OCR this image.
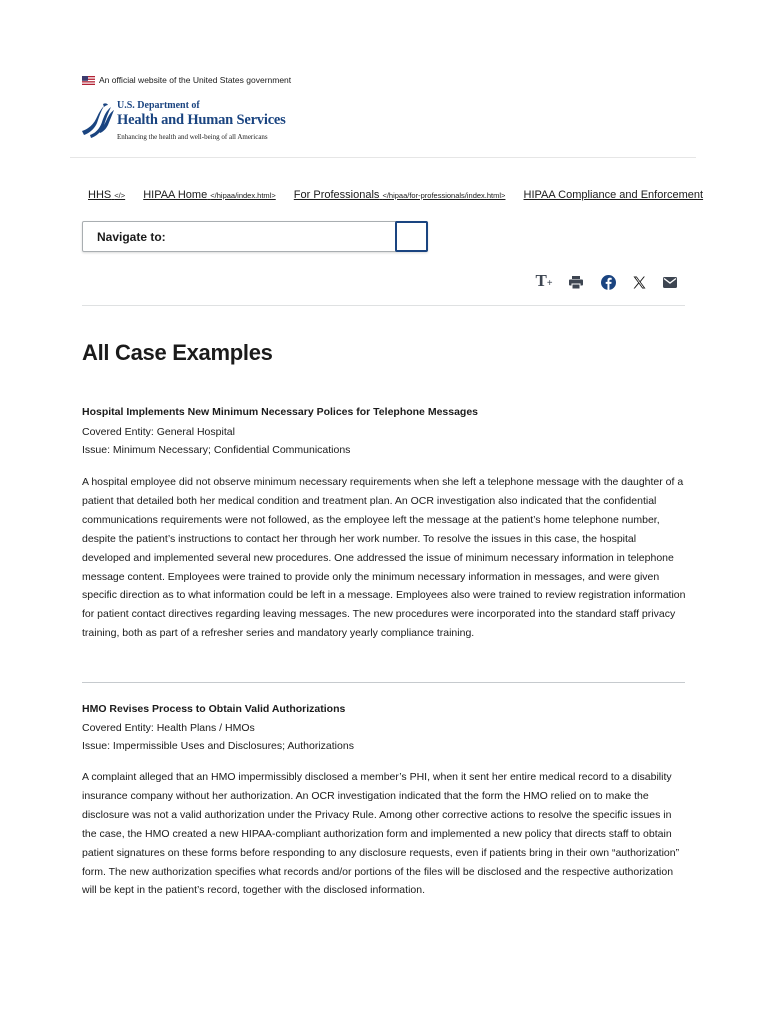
An official website of the United States government
U.S. Department of
Health and Human Services
Enhancing the health and well-being of all Americans
HHS </> HIPAA Home </hipaa/index.html> For Professionals </hipaa/for-professionals/index.html> HIPAA Compliance and Enforcement
Navigate to:
T+
All Case Examples
Hospital Implements New Minimum Necessary Polices for Telephone Messages
Covered Entity: General Hospital
Issue: Minimum Necessary; Confidential Communications
A hospital employee did not observe minimum necessary requirements when she left a telephone message with the daughter of a patient that detailed both her medical condition and treatment plan. An OCR investigation also indicated that the confidential communications requirements were not followed, as the employee left the message at the patient’s home telephone number, despite the patient’s instructions to contact her through her work number. To resolve the issues in this case, the hospital developed and implemented several new procedures. One addressed the issue of minimum necessary information in telephone message content. Employees were trained to provide only the minimum necessary information in messages, and were given specific direction as to what information could be left in a message. Employees also were trained to review registration information for patient contact directives regarding leaving messages. The new procedures were incorporated into the standard staff privacy training, both as part of a refresher series and mandatory yearly compliance training.
HMO Revises Process to Obtain Valid Authorizations
Covered Entity: Health Plans / HMOs
Issue: Impermissible Uses and Disclosures; Authorizations
A complaint alleged that an HMO impermissibly disclosed a member’s PHI, when it sent her entire medical record to a disability insurance company without her authorization. An OCR investigation indicated that the form the HMO relied on to make the disclosure was not a valid authorization under the Privacy Rule. Among other corrective actions to resolve the specific issues in the case, the HMO created a new HIPAA-compliant authorization form and implemented a new policy that directs staff to obtain patient signatures on these forms before responding to any disclosure requests, even if patients bring in their own “authorization” form. The new authorization specifies what records and/or portions of the files will be disclosed and the respective authorization will be kept in the patient’s record, together with the disclosed information.
